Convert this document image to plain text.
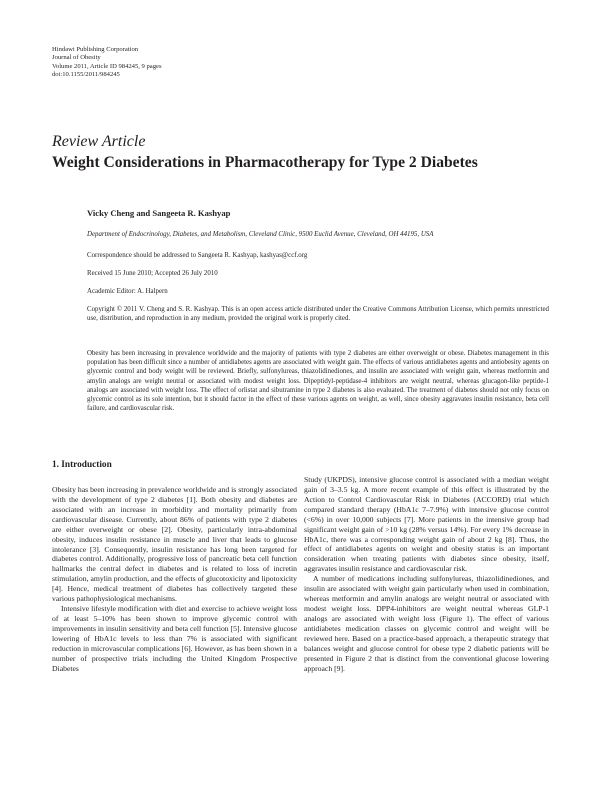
Hindawi Publishing Corporation
Journal of Obesity
Volume 2011, Article ID 984245, 9 pages
doi:10.1155/2011/984245
Review Article
Weight Considerations in Pharmacotherapy for Type 2 Diabetes
Vicky Cheng and Sangeeta R. Kashyap
Department of Endocrinology, Diabetes, and Metabolism, Cleveland Clinic, 9500 Euclid Avenue, Cleveland, OH 44195, USA
Correspondence should be addressed to Sangeeta R. Kashyap, kashyas@ccf.org
Received 15 June 2010; Accepted 26 July 2010
Academic Editor: A. Halpern
Copyright © 2011 V. Cheng and S. R. Kashyap. This is an open access article distributed under the Creative Commons Attribution License, which permits unrestricted use, distribution, and reproduction in any medium, provided the original work is properly cited.
Obesity has been increasing in prevalence worldwide and the majority of patients with type 2 diabetes are either overweight or obese. Diabetes management in this population has been difficult since a number of antidiabetes agents are associated with weight gain. The effects of various antidiabetes agents and antiobesity agents on glycemic control and body weight will be reviewed. Briefly, sulfonylureas, thiazolidinediones, and insulin are associated with weight gain, whereas metformin and amylin analogs are weight neutral or associated with modest weight loss. Dipeptidyl-peptidase-4 inhibitors are weight neutral, whereas glucagon-like peptide-1 analogs are associated with weight loss. The effect of orlistat and sibutramine in type 2 diabetes is also evaluated. The treatment of diabetes should not only focus on glycemic control as its sole intention, but it should factor in the effect of these various agents on weight, as well, since obesity aggravates insulin resistance, beta cell failure, and cardiovascular risk.
1. Introduction

Obesity has been increasing in prevalence worldwide and is strongly associated with the development of type 2 diabetes [1]. Both obesity and diabetes are associated with an increase in morbidity and mortality primarily from cardiovascular disease. Currently, about 86% of patients with type 2 diabetes are either overweight or obese [2]. Obesity, particularly intra-abdominal obesity, induces insulin resistance in muscle and liver that leads to glucose intolerance [3]. Consequently, insulin resistance has long been targeted for diabetes control. Additionally, progressive loss of pancreatic beta cell function hallmarks the central defect in diabetes and is related to loss of incretin stimulation, amylin production, and the effects of glucotoxicity and lipotoxicity [4]. Hence, medical treatment of diabetes has collectively targeted these various pathophysiological mechanisms.

Intensive lifestyle modification with diet and exercise to achieve weight loss of at least 5–10% has been shown to improve glycemic control with improvements in insulin sensitivity and beta cell function [5]. Intensive glucose lowering of HbA1c levels to less than 7% is associated with significant reduction in microvascular complications [6]. However, as has been shown in a number of prospective trials including the United Kingdom Prospective Diabetes

Study (UKPDS), intensive glucose control is associated with a median weight gain of 3–3.5 kg. A more recent example of this effect is illustrated by the Action to Control Cardiovascular Risk in Diabetes (ACCORD) trial which compared standard therapy (HbA1c 7–7.9%) with intensive glucose control (<6%) in over 10,000 subjects [7]. More patients in the intensive group had significant weight gain of >10 kg (28% versus 14%). For every 1% decrease in HbA1c, there was a corresponding weight gain of about 2 kg [8]. Thus, the effect of antidiabetes agents on weight and obesity status is an important consideration when treating patients with diabetes since obesity, itself, aggravates insulin resistance and cardiovascular risk.

A number of medications including sulfonylureas, thiazolidinediones, and insulin are associated with weight gain particularly when used in combination, whereas metformin and amylin analogs are weight neutral or associated with modest weight loss. DPP4-inhibitors are weight neutral whereas GLP-1 analogs are associated with weight loss (Figure 1). The effect of various antidiabetes medication classes on glycemic control and weight will be reviewed here. Based on a practice-based approach, a therapeutic strategy that balances weight and glucose control for obese type 2 diabetic patients will be presented in Figure 2 that is distinct from the conventional glucose lowering approach [9].
